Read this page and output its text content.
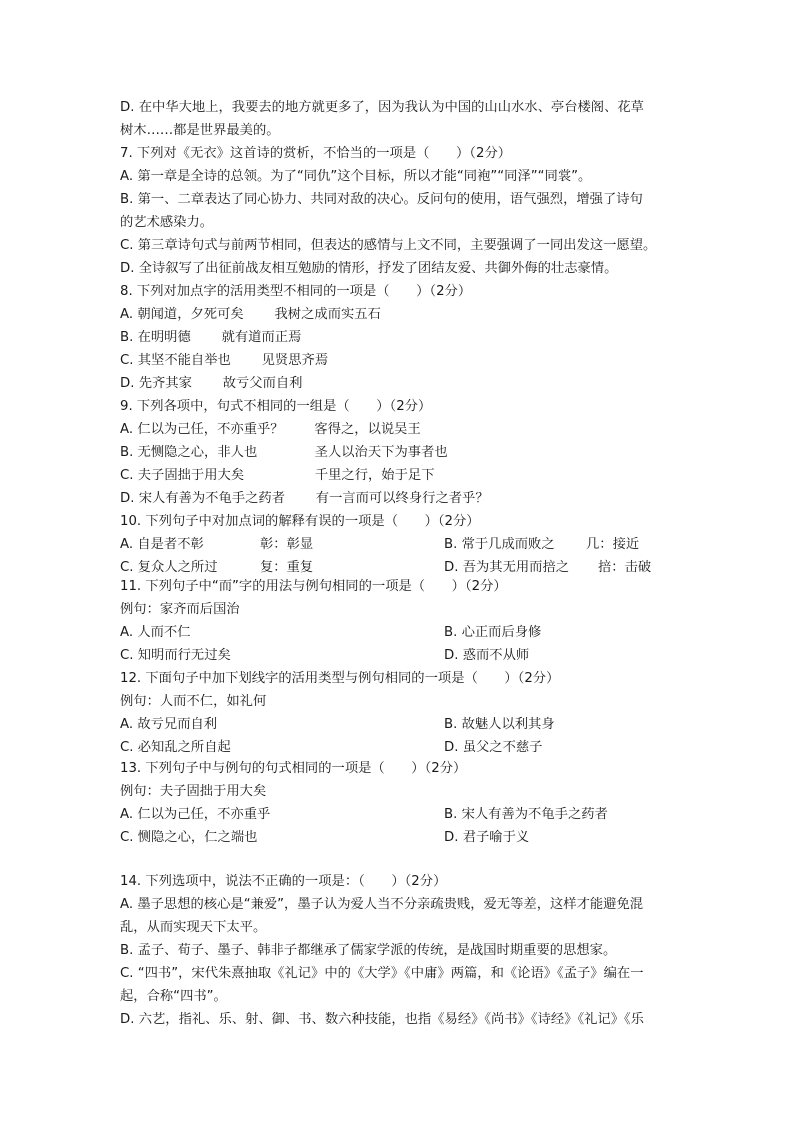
D. 在中华大地上，我要去的地方就更多了，因为我认为中国的山山水水、亭台楼阁、花草
树木……都是世界最美的。
7. 下列对《无衣》这首诗的赏析，不恰当的一项是（　　）（2分）
A. 第一章是全诗的总领。为了“同仇”这个目标，所以才能“同袍”“同泽”“同裳”。
B. 第一、二章表达了同心协力、共同对敌的决心。反问句的使用，语气强烈，增强了诗句
的艺术感染力。
C. 第三章诗句式与前两节相同，但表达的感情与上文不同，主要强调了一同出发这一愿望。
D. 全诗叙写了出征前战友相互勉励的情形，抒发了团结友爱、共御外侮的壮志豪情。
8. 下列对加点字的活用类型不相同的一项是（　　）（2分）
A. 朝闻道，夕死可矣　　 我树之成而实五石
B. 在明明德　　 就有道而正焉
C. 其坚不能自举也　　 见贤思齐焉
D. 先齐其家　　 故亏父而自利
9. 下列各项中，句式不相同的一组是（　　）（2分）
A. 仁以为己任，不亦重乎？　　 客得之，以说吴王
B. 无恻隐之心，非人也　　　　 圣人以治天下为事者也
C. 夫子固拙于用大矣　　　　　 千里之行，始于足下
D. 宋人有善为不龟手之药者　　 有一言而可以终身行之者乎？
10. 下列句子中对加点词的解释有误的一项是（　　）（2分）
A. 自是者不彰	彰：彰显	B. 常于几成而败之 几：接近
C. 复众人之所过	复：重复	D. 吾为其无用而掊之 掊：击破
11. 下列句子中“而”字的用法与例句相同的一项是（　　）（2分）
例句：家齐而后国治
A. 人而不仁	B. 心正而后身修
C. 知明而行无过矣	D. 惑而不从师
12. 下面句子中加下划线字的活用类型与例句相同的一项是（　　）（2分）
例句：人而不仁，如礼何
A. 故亏兄而自利	B. 故魅人以利其身
C. 必知乱之所自起	D. 虽父之不慈子
13. 下列句子中与例句的句式相同的一项是（　　）（2分）
例句：夫子固拙于用大矣
A. 仁以为己任，不亦重乎	B. 宋人有善为不龟手之药者
C. 恻隐之心，仁之端也	D. 君子喻于义
14. 下列选项中，说法不正确的一项是：（　　）（2分）
A. 墨子思想的核心是“兼爱”，墨子认为爱人当不分亲疏贵贱，爱无等差，这样才能避免混
乱，从而实现天下太平。
B. 孟子、荀子、墨子、韩非子都继承了儒家学派的传统，是战国时期重要的思想家。
C. “四书”，宋代朱熹抽取《礼记》中的《大学》《中庸》两篇，和《论语》《孟子》编在一
起，合称“四书”。
D. 六艺，指礼、乐、射、御、书、数六种技能，也指《易经》《尚书》《诗经》《礼记》《乐
